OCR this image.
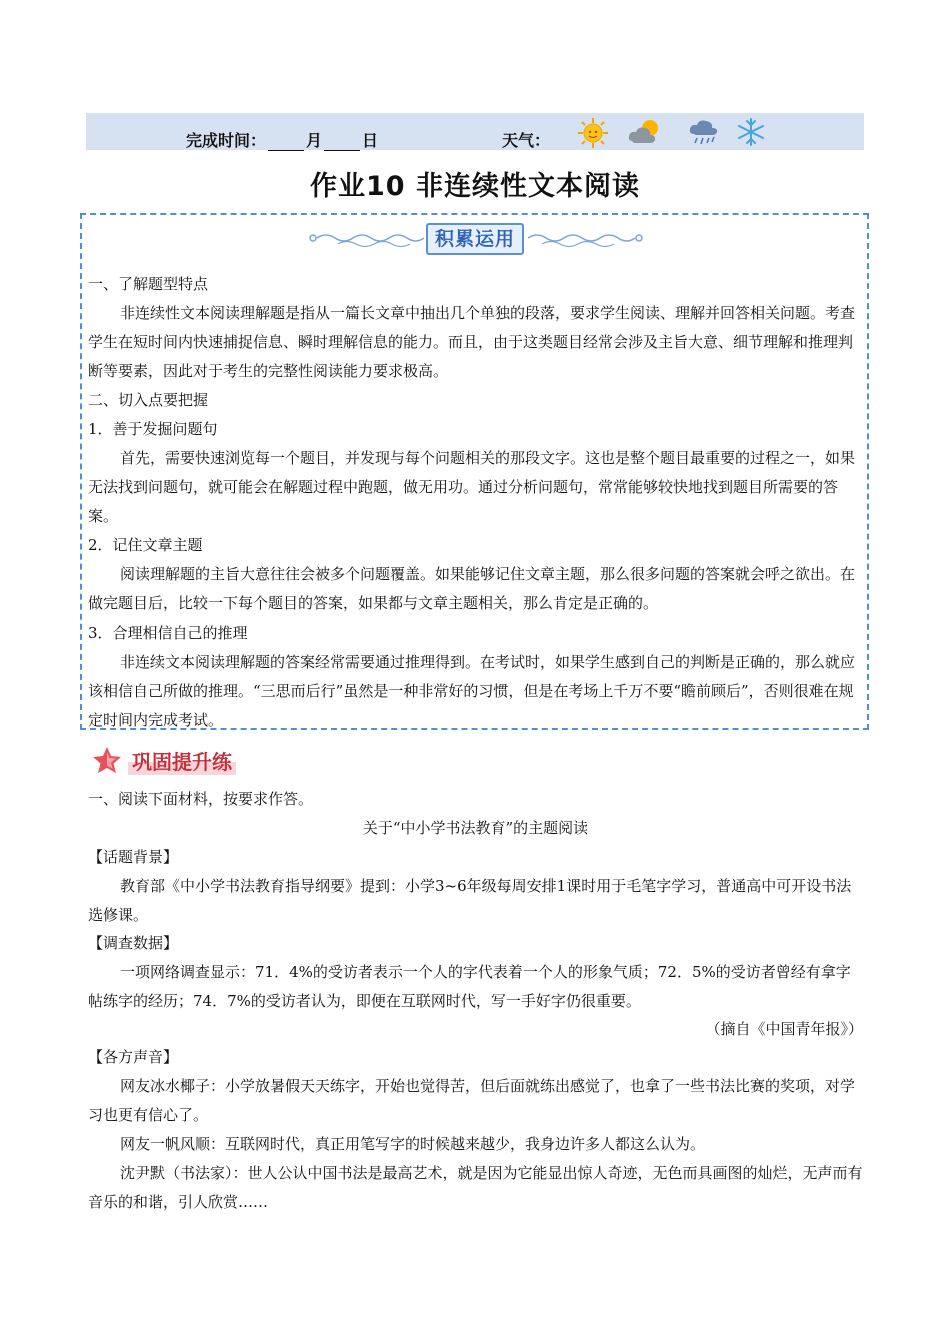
完成时间：	月	日	天气：
作业10 非连续性文本阅读
积累运用
一、了解题型特点
非连续性文本阅读理解题是指从一篇长文章中抽出几个单独的段落，要求学生阅读、理解并回答相关问题。考查学生在短时间内快速捕捉信息、瞬时理解信息的能力。而且，由于这类题目经常会涉及主旨大意、细节理解和推理判断等要素，因此对于考生的完整性阅读能力要求极高。
二、切入点要把握
1．善于发掘问题句
首先，需要快速浏览每一个题目，并发现与每个问题相关的那段文字。这也是整个题目最重要的过程之一，如果无法找到问题句，就可能会在解题过程中跑题，做无用功。通过分析问题句，常常能够较快地找到题目所需要的答案。
2．记住文章主题
阅读理解题的主旨大意往往会被多个问题覆盖。如果能够记住文章主题，那么很多问题的答案就会呼之欲出。在做完题目后，比较一下每个题目的答案，如果都与文章主题相关，那么肯定是正确的。
3．合理相信自己的推理
非连续文本阅读理解题的答案经常需要通过推理得到。在考试时，如果学生感到自己的判断是正确的，那么就应该相信自己所做的推理。“三思而后行”虽然是一种非常好的习惯，但是在考场上千万不要“瞻前顾后”，否则很难在规定时间内完成考试。
巩固提升练
一、阅读下面材料，按要求作答。
关于“中小学书法教育”的主题阅读
【话题背景】
教育部《中小学书法教育指导纲要》提到：小学3~6年级每周安排1课时用于毛笔字学习，普通高中可开设书法选修课。
【调查数据】
一项网络调查显示：71．4%的受访者表示一个人的字代表着一个人的形象气质；72．5%的受访者曾经有拿字帖练字的经历；74．7%的受访者认为，即便在互联网时代，写一手好字仍很重要。
（摘自《中国青年报》）
【各方声音】
网友冰水椰子：小学放暑假天天练字，开始也觉得苦，但后面就练出感觉了，也拿了一些书法比赛的奖项，对学习也更有信心了。
网友一帆风顺：互联网时代，真正用笔写字的时候越来越少，我身边许多人都这么认为。
沈尹默（书法家）：世人公认中国书法是最高艺术，就是因为它能显出惊人奇迹，无色而具画图的灿烂，无声而有音乐的和谐，引人欣赏……
